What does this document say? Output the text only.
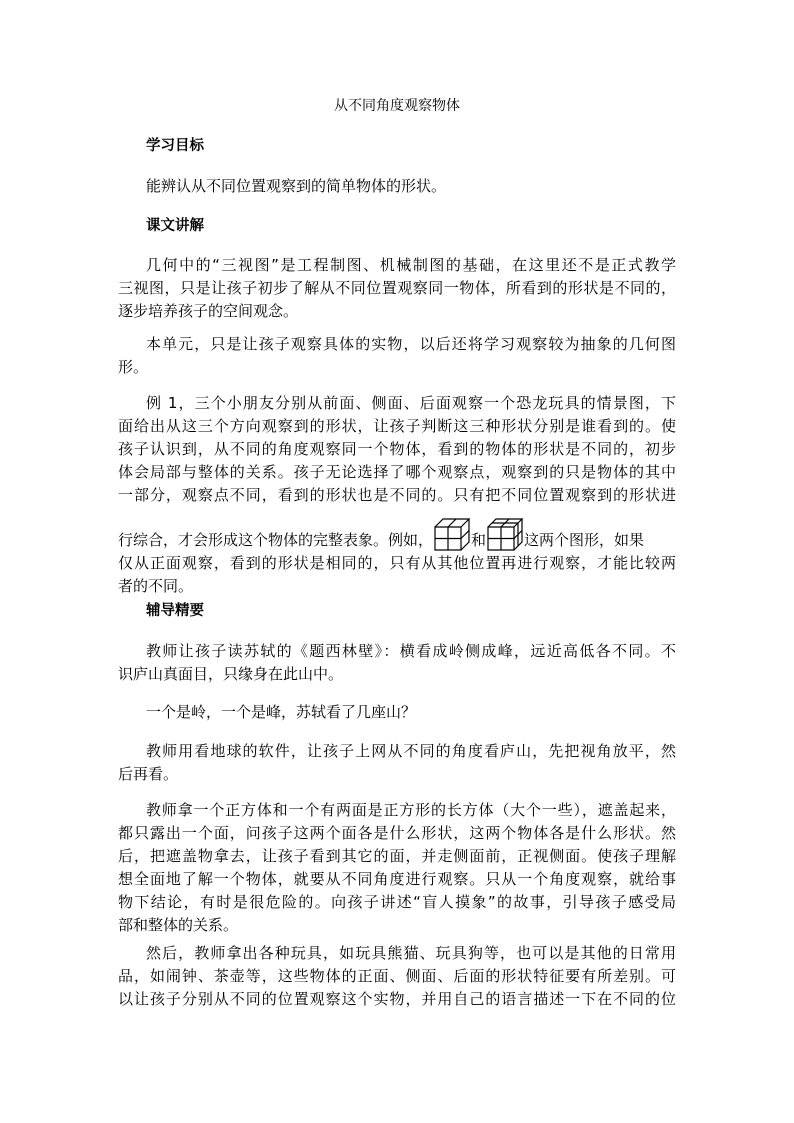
从不同角度观察物体
学习目标
能辨认从不同位置观察到的简单物体的形状。
课文讲解
几何中的“三视图”是工程制图、机械制图的基础，在这里还不是正式教学
三视图，只是让孩子初步了解从不同位置观察同一物体，所看到的形状是不同的，
逐步培养孩子的空间观念。
本单元，只是让孩子观察具体的实物，以后还将学习观察较为抽象的几何图
形。
例 1，三个小朋友分别从前面、侧面、后面观察一个恐龙玩具的情景图，下
面给出从这三个方向观察到的形状，让孩子判断这三种形状分别是谁看到的。使
孩子认识到，从不同的角度观察同一个物体，看到的物体的形状是不同的，初步
体会局部与整体的关系。孩子无论选择了哪个观察点，观察到的只是物体的其中
一部分，观察点不同，看到的形状也是不同的。只有把不同位置观察到的形状进
行综合，才会形成这个物体的完整表象。例如，	和	这两个图形，如果
仅从正面观察，看到的形状是相同的，只有从其他位置再进行观察，才能比较两
者的不同。
辅导精要
教师让孩子读苏轼的《题西林壁》：横看成岭侧成峰，远近高低各不同。不
识庐山真面目，只缘身在此山中。
一个是岭，一个是峰，苏轼看了几座山？
教师用看地球的软件，让孩子上网从不同的角度看庐山，先把视角放平，然
后再看。
教师拿一个正方体和一个有两面是正方形的长方体（大个一些），遮盖起来，
都只露出一个面，问孩子这两个面各是什么形状，这两个物体各是什么形状。然
后，把遮盖物拿去，让孩子看到其它的面，并走侧面前，正视侧面。使孩子理解
想全面地了解一个物体，就要从不同角度进行观察。只从一个角度观察，就给事
物下结论，有时是很危险的。向孩子讲述“盲人摸象”的故事，引导孩子感受局
部和整体的关系。
然后，教师拿出各种玩具，如玩具熊猫、玩具狗等，也可以是其他的日常用
品，如闹钟、茶壶等，这些物体的正面、侧面、后面的形状特征要有所差别。可
以让孩子分别从不同的位置观察这个实物，并用自己的语言描述一下在不同的位
